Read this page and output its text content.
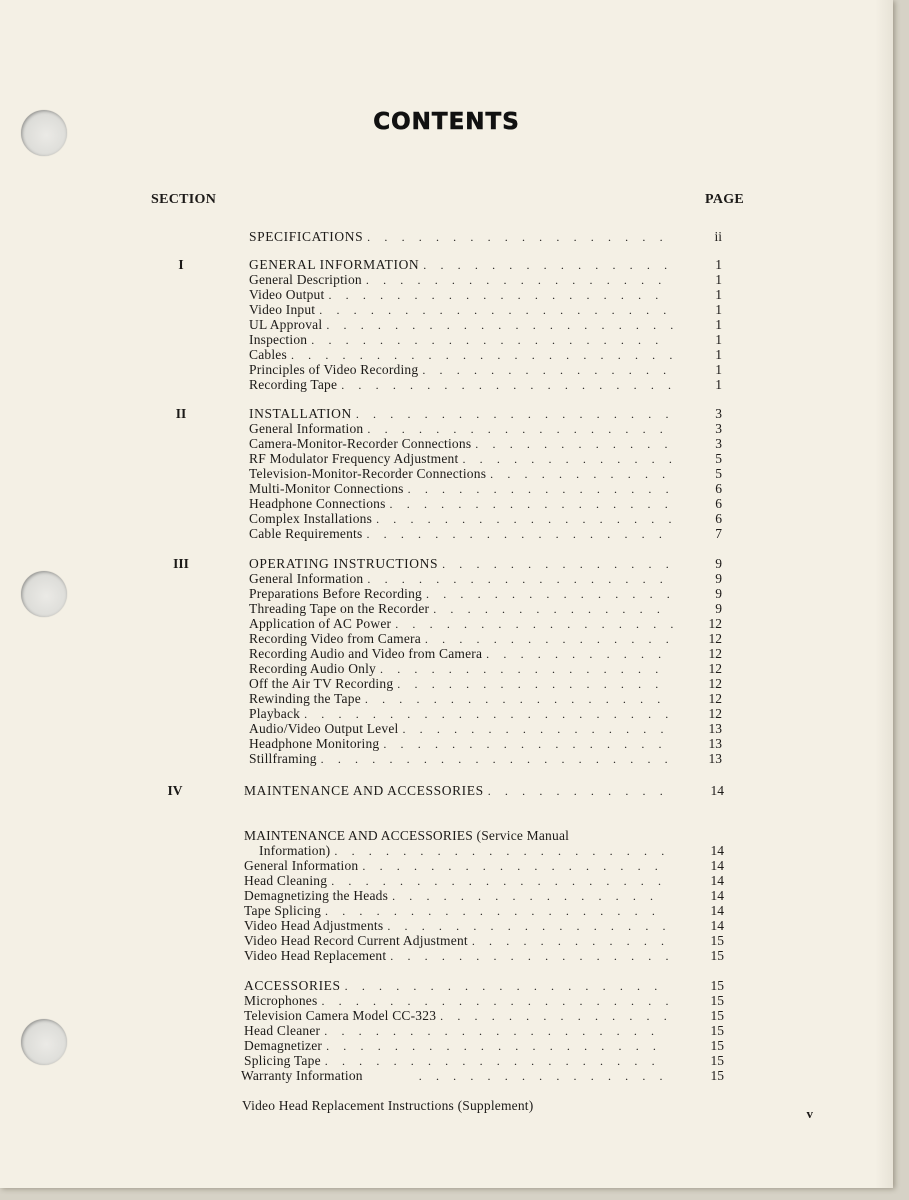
CONTENTS
SECTION	PAGE
SPECIFICATIONS . . .	ii
I	GENERAL INFORMATION . . .	1
General Description . . .	1
Video Output . . .	1
Video Input . . .	1
UL Approval . . .	1
Inspection . . .	1
Cables . . .	1
Principles of Video Recording . . .	1
Recording Tape . . .	1
II	INSTALLATION . . .	3
General Information . . .	3
Camera-Monitor-Recorder Connections . . .	3
RF Modulator Frequency Adjustment . . .	5
Television-Monitor-Recorder Connections . . .	5
Multi-Monitor Connections . . .	6
Headphone Connections . . .	6
Complex Installations . . .	6
Cable Requirements . . .	7
III	OPERATING INSTRUCTIONS . . .	9
General Information . . .	9
Preparations Before Recording . . .	9
Threading Tape on the Recorder . . .	9
Application of AC Power . . .	12
Recording Video from Camera . . .	12
Recording Audio and Video from Camera . . .	12
Recording Audio Only . . .	12
Off the Air TV Recording . . .	12
Rewinding the Tape . . .	12
Playback . . .	12
Audio/Video Output Level . . .	13
Headphone Monitoring . . .	13
Stillframing . . .	13
IV	MAINTENANCE AND ACCESSORIES . . .	14
MAINTENANCE AND ACCESSORIES (Service Manual
Information) . . .	14
General Information . . .	14
Head Cleaning . . .	14
Demagnetizing the Heads . . .	14
Tape Splicing . . .	14
Video Head Adjustments . . .	14
Video Head Record Current Adjustment . . .	15
Video Head Replacement . . .	15
ACCESSORIES . . .	15
Microphones . . .	15
Television Camera Model CC-323 . . .	15
Head Cleaner . . .	15
Demagnetizer . . .	15
Splicing Tape . . .	15
Warranty Information . . .	15
Video Head Replacement Instructions (Supplement)
v
